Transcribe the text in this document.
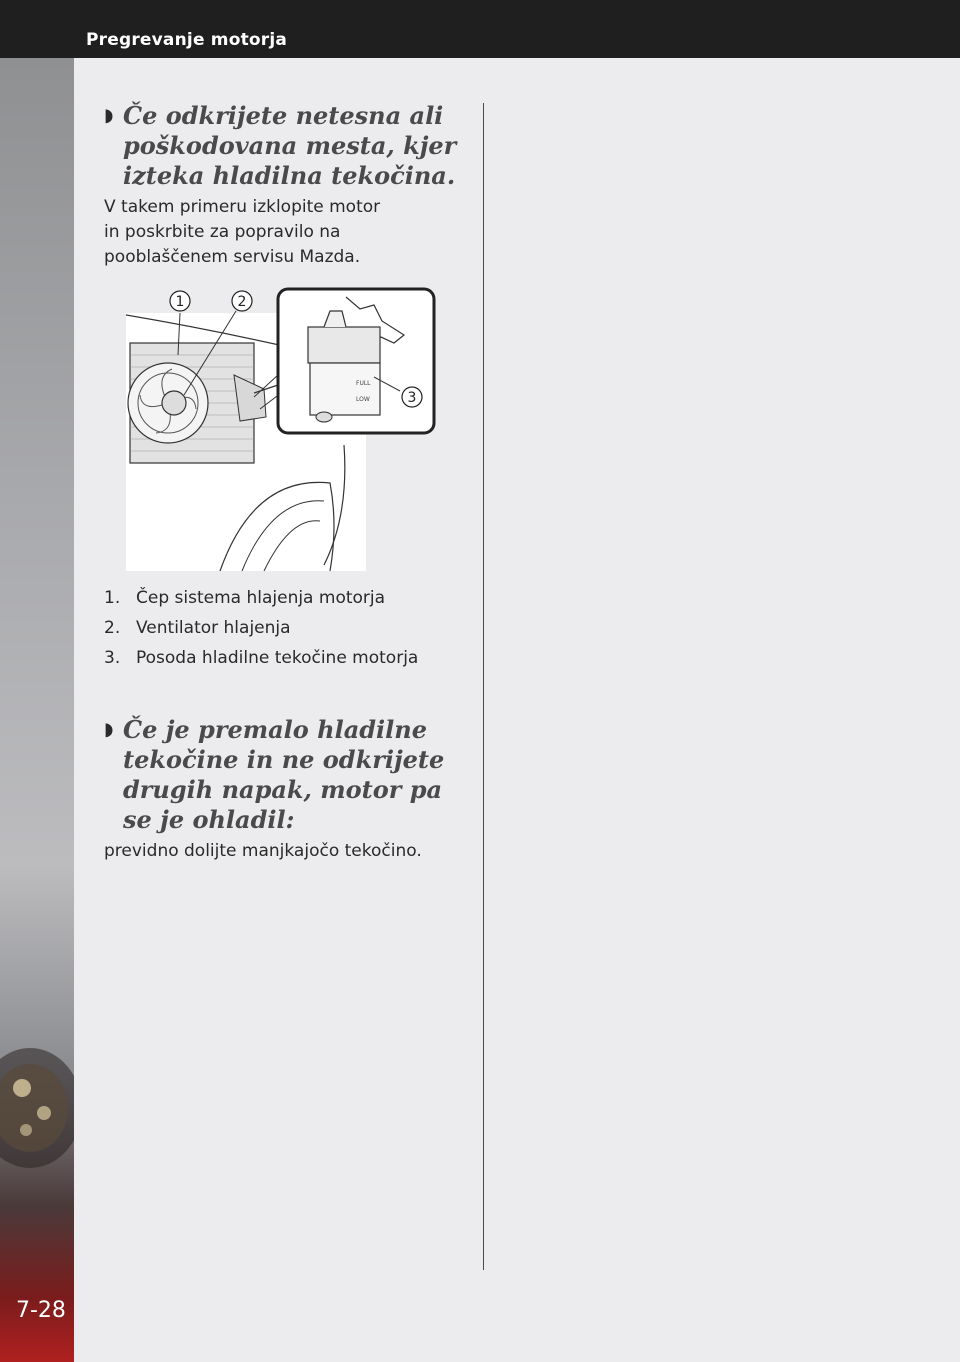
Pregrevanje motorja
7-28
◗ Če odkrijete netesna ali
poškodovana mesta, kjer
izteka hladilna tekočina.
V takem primeru izklopite motor
in poskrbite za popravilo na
pooblaščenem servisu Mazda.
FULL
LOW
1	2
3
1. Čep sistema hlajenja motorja
2. Ventilator hlajenja
3. Posoda hladilne tekočine motorja
◗ Če je premalo hladilne
tekočine in ne odkrijete
drugih napak, motor pa
se je ohladil:
previdno dolijte manjkajočo tekočino.
